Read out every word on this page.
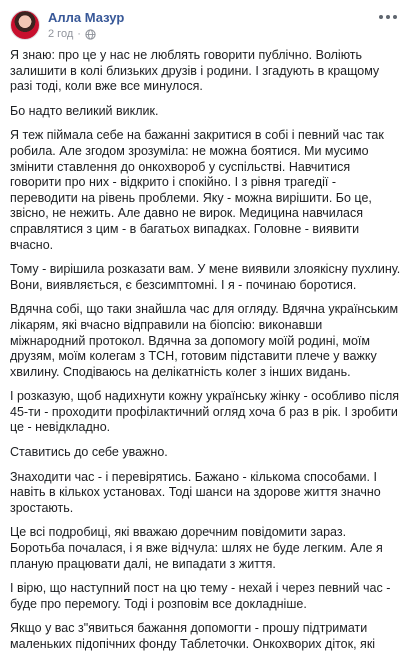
Алла Мазур
2 год ·

Я знаю: про це у нас не люблять говорити публічно. Воліють залишити в колі близьких друзів і родини. І згадують в кращому разі тоді, коли вже все минулося.

Бо надто великий виклик.

Я теж піймала себе на бажанні закритися в собі і певний час так робила. Але згодом зрозуміла: не можна боятися. Ми мусимо змінити ставлення до онкохвороб у суспільстві. Навчитися говорити про них - відкрито і спокійно. І з рівня трагедії - переводити на рівень проблеми. Яку - можна вирішити. Бо це, звісно, не нежить. Але давно не вирок. Медицина навчилася справлятися з цим - в багатьох випадках. Головне - виявити вчасно.

Тому - вирішила розказати вам. У мене виявили злоякісну пухлину. Вони, виявляється, є безсимптомні. І я - починаю боротися.

Вдячна собі, що таки знайшла час для огляду. Вдячна українським лікарям, які вчасно відправили на біопсію: виконавши міжнародний протокол. Вдячна за допомогу моїй родині, моїм друзям, моїм колегам з ТСН, готовим підставити плече у важку хвилину. Сподіваюсь на делікатність колег з інших видань.

І розказую, щоб надихнути кожну українську жінку - особливо після 45-ти - проходити профілактичний огляд хоча б раз в рік. І зробити це - невідкладно.

Ставитись до себе уважно.

Знаходити час - і перевірятись. Бажано - кількома способами. І навіть в кількох установах. Тоді шанси на здорове життя значно зростають.

Це всі подробиці, які вважаю доречним повідомити зараз. Боротьба почалася, і я вже відчула: шлях не буде легким. Але я планую працювати далі, не випадати з життя.

І вірю, що наступний пост на цю тему - нехай і через певний час - буде про перемогу. Тоді і розповім все докладніше.

Якщо у вас з"явиться бажання допомогти - прошу підтримати маленьких підопічних фонду Таблеточки. Онкохворих діток, які
